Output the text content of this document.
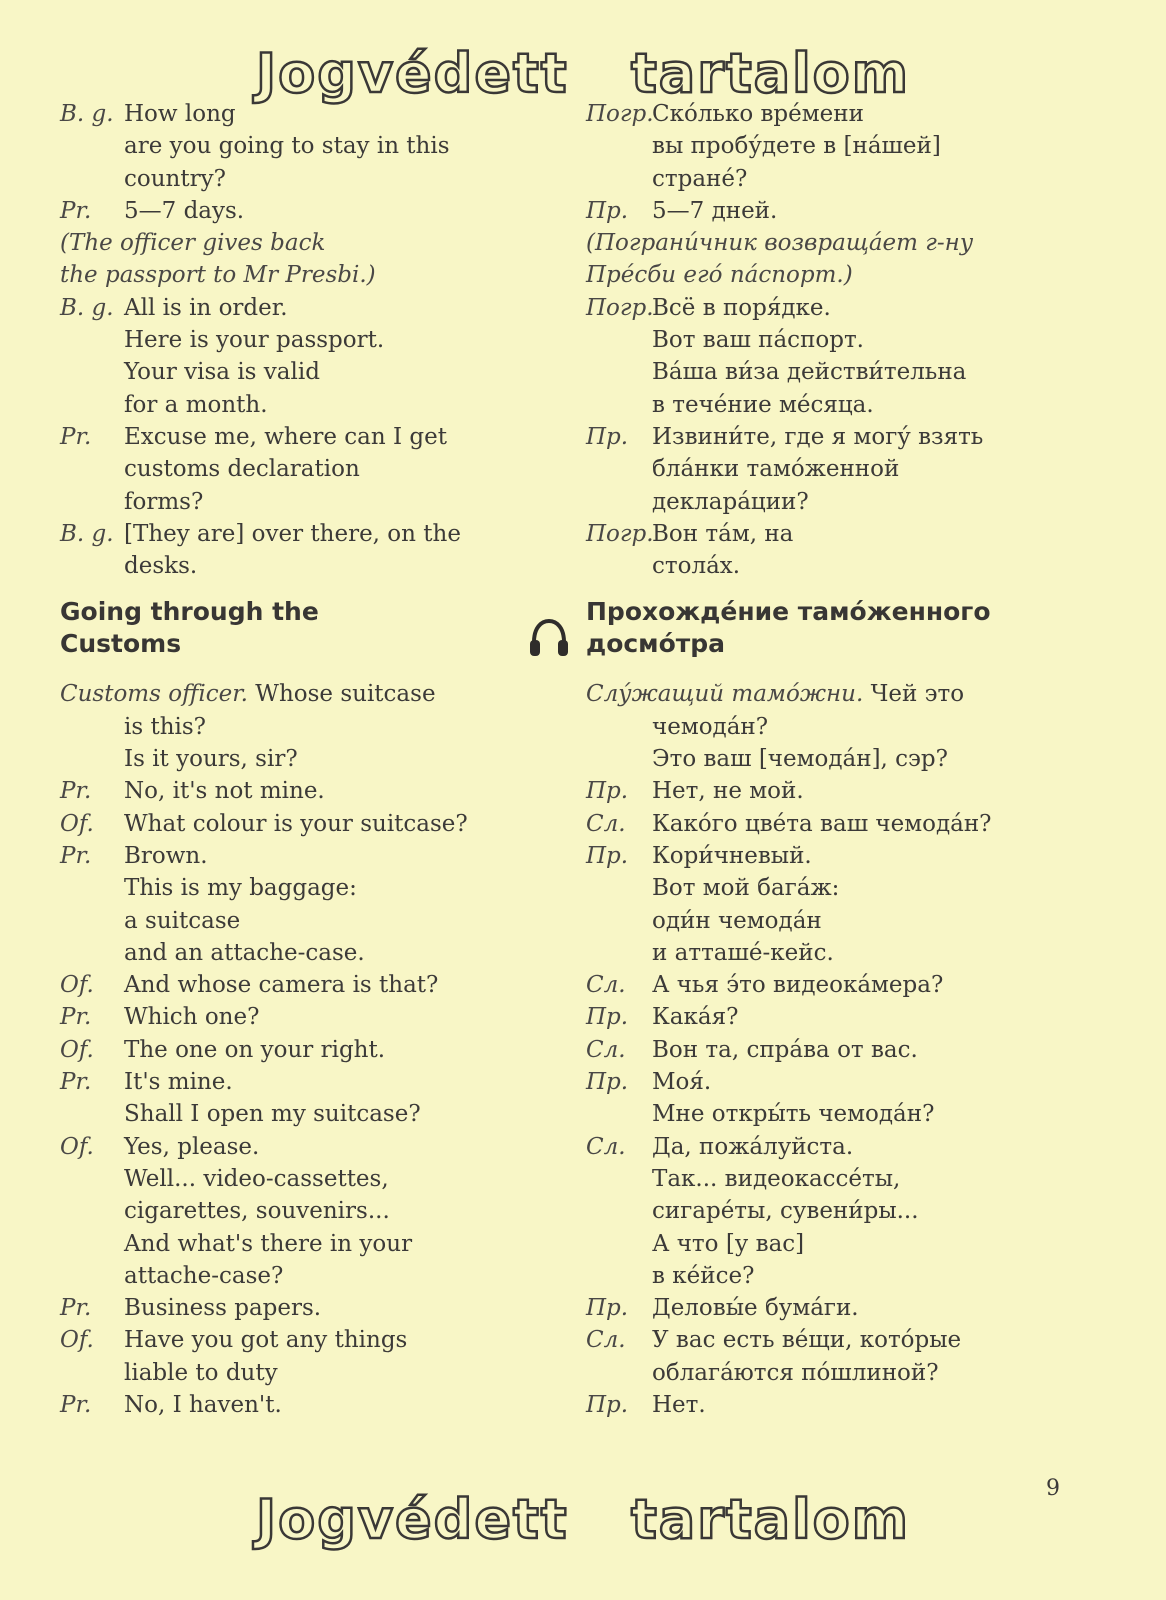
Jogvédett   tartalom
B. g. How long
are you going to stay in this
country?
Pr. 5—7 days.
(The officer gives back
the passport to Mr Presbi.)
B. g. All is in order.
Here is your passport.
Your visa is valid
for a month.
Pr. Excuse me, where can I get
customs declaration
forms?
B. g. [They are] over there, on the
desks.
Going through the
Customs
Customs officer. Whose suitcase
is this?
Is it yours, sir?
Pr. No, it's not mine.
Of. What colour is your suitcase?
Pr. Brown.
This is my baggage:
a suitcase
and an attache-case.
Of. And whose camera is that?
Pr. Which one?
Of. The one on your right.
Pr. It's mine.
Shall I open my suitcase?
Of. Yes, please.
Well... video-cassettes,
cigarettes, souvenirs...
And what's there in your
attache-case?
Pr. Business papers.
Of. Have you got any things
liable to duty
Pr. No, I haven't.
Погр.Ско́лько вре́мени
вы пробу́дете в [на́шей]
стране́?
Пр. 5—7 дней.
(Пограни́чник возвраща́ет г-ну
Пре́сби его́ па́спорт.)
Погр.Всё в поря́дке.
Вот ваш па́спорт.
Ва́ша ви́за действи́тельна
в тече́ние ме́сяца.
Пр. Извини́те, где я могу́ взять
бла́нки тамо́женной
деклара́ции?
Погр.Вон та́м, на
стола́х.
Прохожде́ние тамо́женного
досмо́тра
Слу́жащий тамо́жни. Чей это
чемода́н?
Это ваш [чемода́н], сэр?
Пр. Нет, не мой.
Сл. Како́го цве́та ваш чемода́н?
Пр. Кори́чневый.
Вот мой бага́ж:
оди́н чемода́н
и атташе́-кейс.
Сл. А чья э́то видеока́мера?
Пр. Кака́я?
Сл. Вон та, спра́ва от вас.
Пр. Моя́.
Мне откры́ть чемода́н?
Сл. Да, пожа́луйста.
Так... видеокассе́ты,
сигаре́ты, сувени́ры...
А что [у вас]
в ке́йсе?
Пр. Деловы́е бума́ги.
Сл. У вас есть ве́щи, кото́рые
облага́ются по́шлиной?
Пр. Нет.
9
Jogvédett   tartalom
